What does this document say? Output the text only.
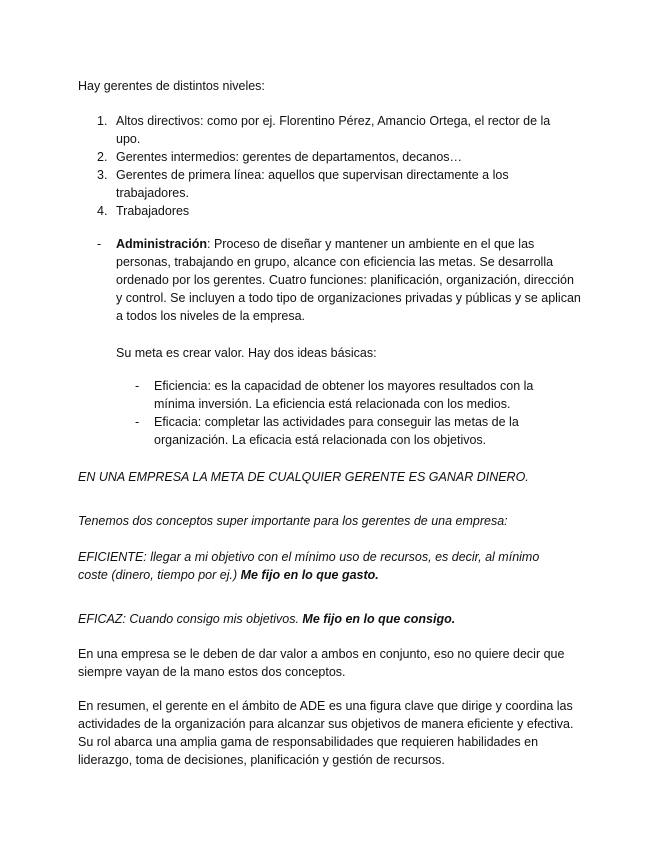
Hay gerentes de distintos niveles:

1. Altos directivos: como por ej. Florentino Pérez, Amancio Ortega, el rector de la upo.
2. Gerentes intermedios: gerentes de departamentos, decanos…
3. Gerentes de primera línea: aquellos que supervisan directamente a los trabajadores.
4. Trabajadores
- Administración: Proceso de diseñar y mantener un ambiente en el que las personas, trabajando en grupo, alcance con eficiencia las metas. Se desarrolla ordenado por los gerentes. Cuatro funciones: planificación, organización, dirección y control. Se incluyen a todo tipo de organizaciones privadas y públicas y se aplican a todos los niveles de la empresa.
Su meta es crear valor. Hay dos ideas básicas:
- Eficiencia: es la capacidad de obtener los mayores resultados con la mínima inversión. La eficiencia está relacionada con los medios.
- Eficacia: completar las actividades para conseguir las metas de la organización. La eficacia está relacionada con los objetivos.

EN UNA EMPRESA LA META DE CUALQUIER GERENTE ES GANAR DINERO.

Tenemos dos conceptos super importante para los gerentes de una empresa:

EFICIENTE: llegar a mi objetivo con el mínimo uso de recursos, es decir, al mínimo coste (dinero, tiempo por ej.) Me fijo en lo que gasto.

EFICAZ: Cuando consigo mis objetivos. Me fijo en lo que consigo.

En una empresa se le deben de dar valor a ambos en conjunto, eso no quiere decir que siempre vayan de la mano estos dos conceptos.

En resumen, el gerente en el ámbito de ADE es una figura clave que dirige y coordina las actividades de la organización para alcanzar sus objetivos de manera eficiente y efectiva. Su rol abarca una amplia gama de responsabilidades que requieren habilidades en liderazgo, toma de decisiones, planificación y gestión de recursos.
